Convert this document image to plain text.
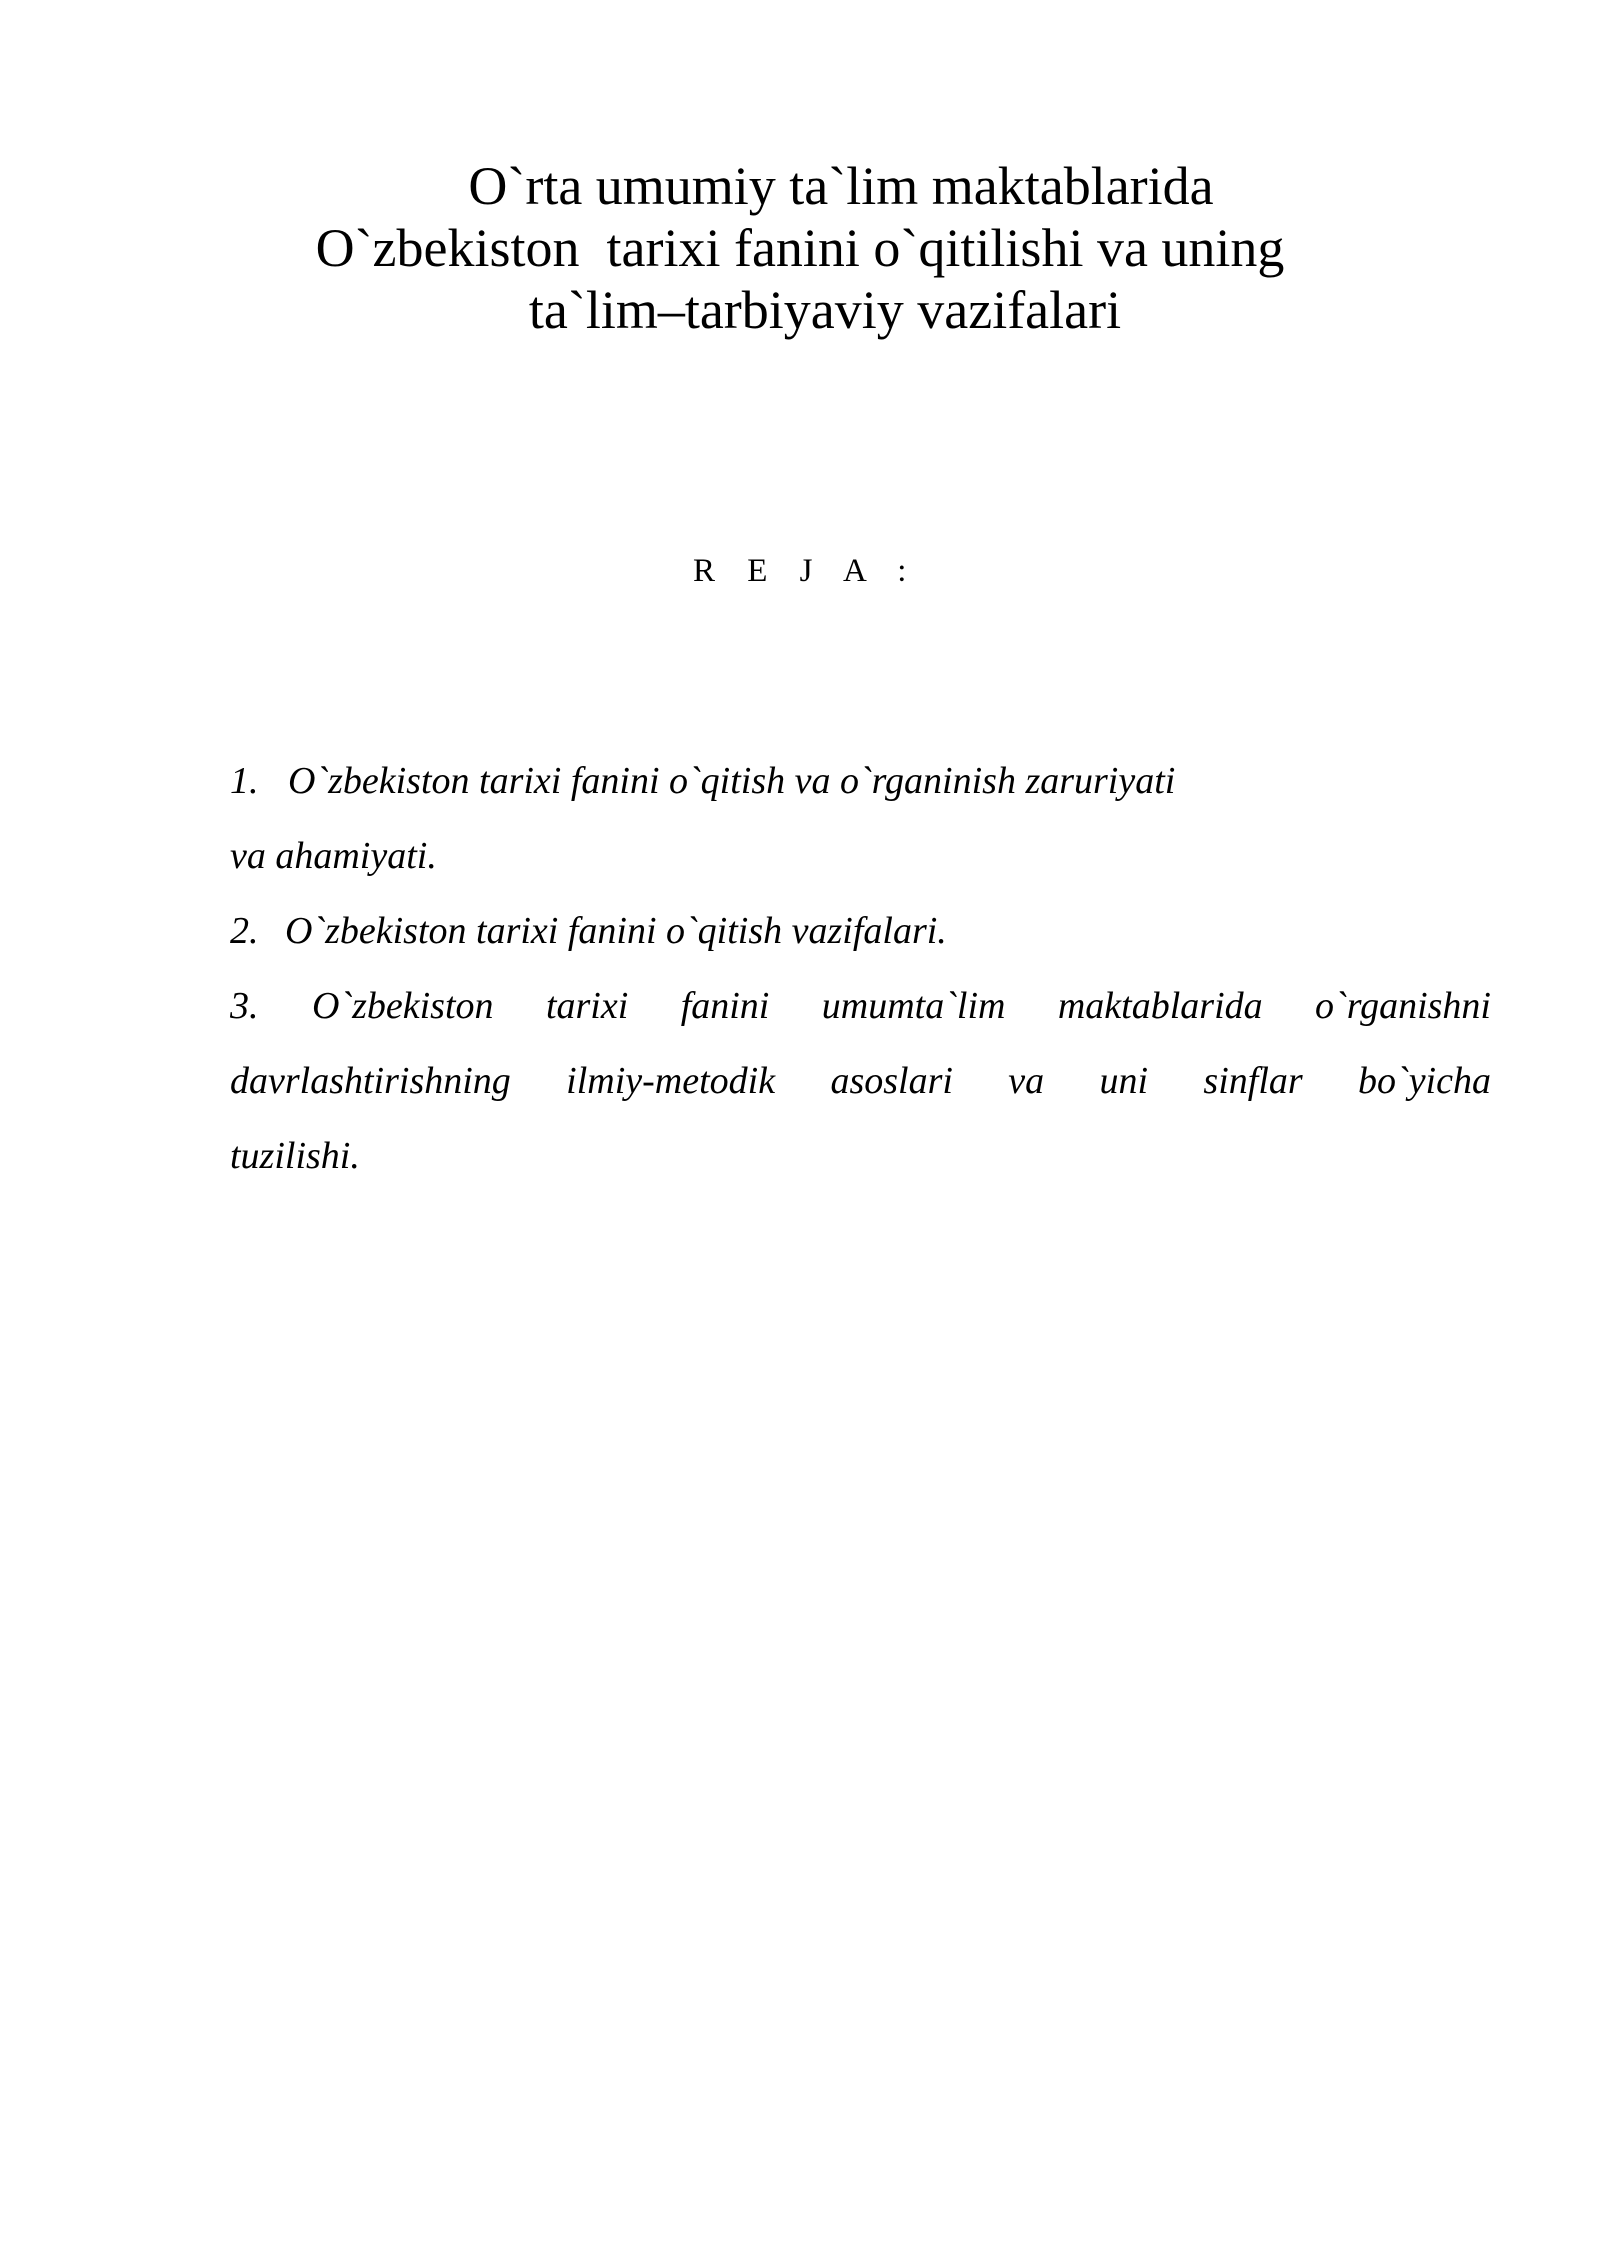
O`rta umumiy ta`lim maktablarida
O`zbekiston  tarixi fanini o`qitilishi va uning
ta`lim–tarbiyaviy vazifalari
R E J A :
1. O`zbekiston tarixi fanini o`qitish va o`rganinish zaruriyati
va ahamiyati.
2. O`zbekiston tarixi fanini o`qitish vazifalari.
3. O`zbekiston tarixi fanini umumta`lim maktablarida o`rganishni
davrlashtirishning ilmiy-metodik asoslari va uni sinflar bo`yicha
tuzilishi.
